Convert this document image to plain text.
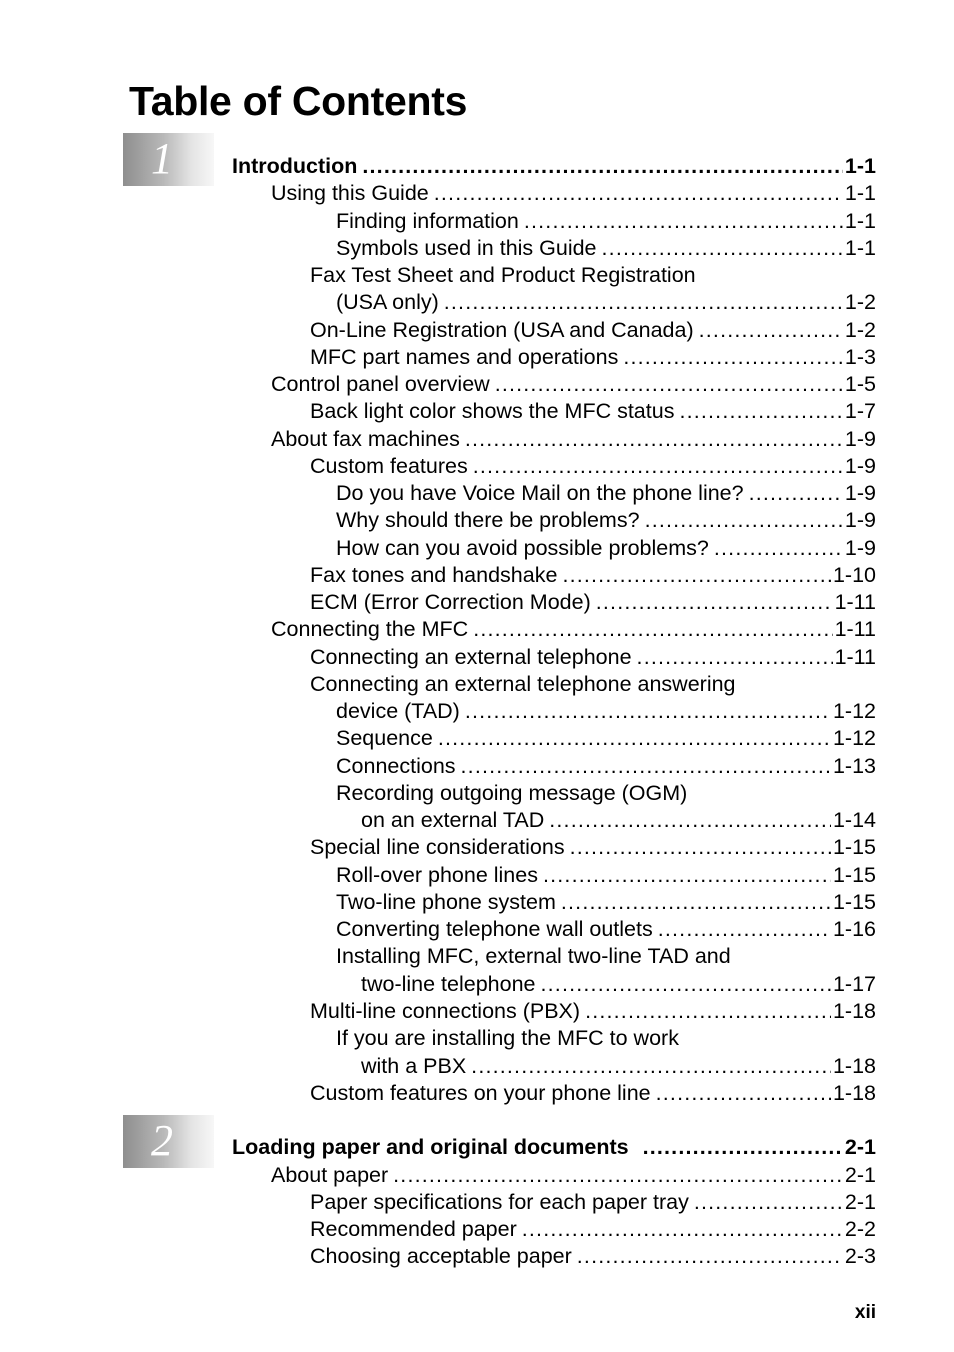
Table of Contents
1
2
Introduction . . .	1-1
Using this Guide . . .	1-1
Finding information . . .	1-1
Symbols used in this Guide . . .	1-1
Fax Test Sheet and Product Registration
(USA only) . . .	1-2
On-Line Registration (USA and Canada) . . .	1-2
MFC part names and operations . . .	1-3
Control panel overview . . .	1-5
Back light color shows the MFC status . . .	1-7
About fax machines . . .	1-9
Custom features . . .	1-9
Do you have Voice Mail on the phone line? . . .	1-9
Why should there be problems? . . .	1-9
How can you avoid possible problems? . . .	1-9
Fax tones and handshake . . .	1-10
ECM (Error Correction Mode) . . .	1-11
Connecting the MFC . . .	1-11
Connecting an external telephone . . .	1-11
Connecting an external telephone answering
device (TAD) . . .	1-12
Sequence . . .	1-12
Connections . . .	1-13
Recording outgoing message (OGM)
on an external TAD . . .	1-14
Special line considerations . . .	1-15
Roll-over phone lines . . .	1-15
Two-line phone system . . .	1-15
Converting telephone wall outlets . . .	1-16
Installing MFC, external two-line TAD and
two-line telephone . . .	1-17
Multi-line connections (PBX) . . .	1-18
If you are installing the MFC to work
with a PBX . . .	1-18
Custom features on your phone line . . .	1-18
Loading paper and original documents . . .	2-1
About paper . . .	2-1
Paper specifications for each paper tray . . .	2-1
Recommended paper . . .	2-2
Choosing acceptable paper . . .	2-3
xii
